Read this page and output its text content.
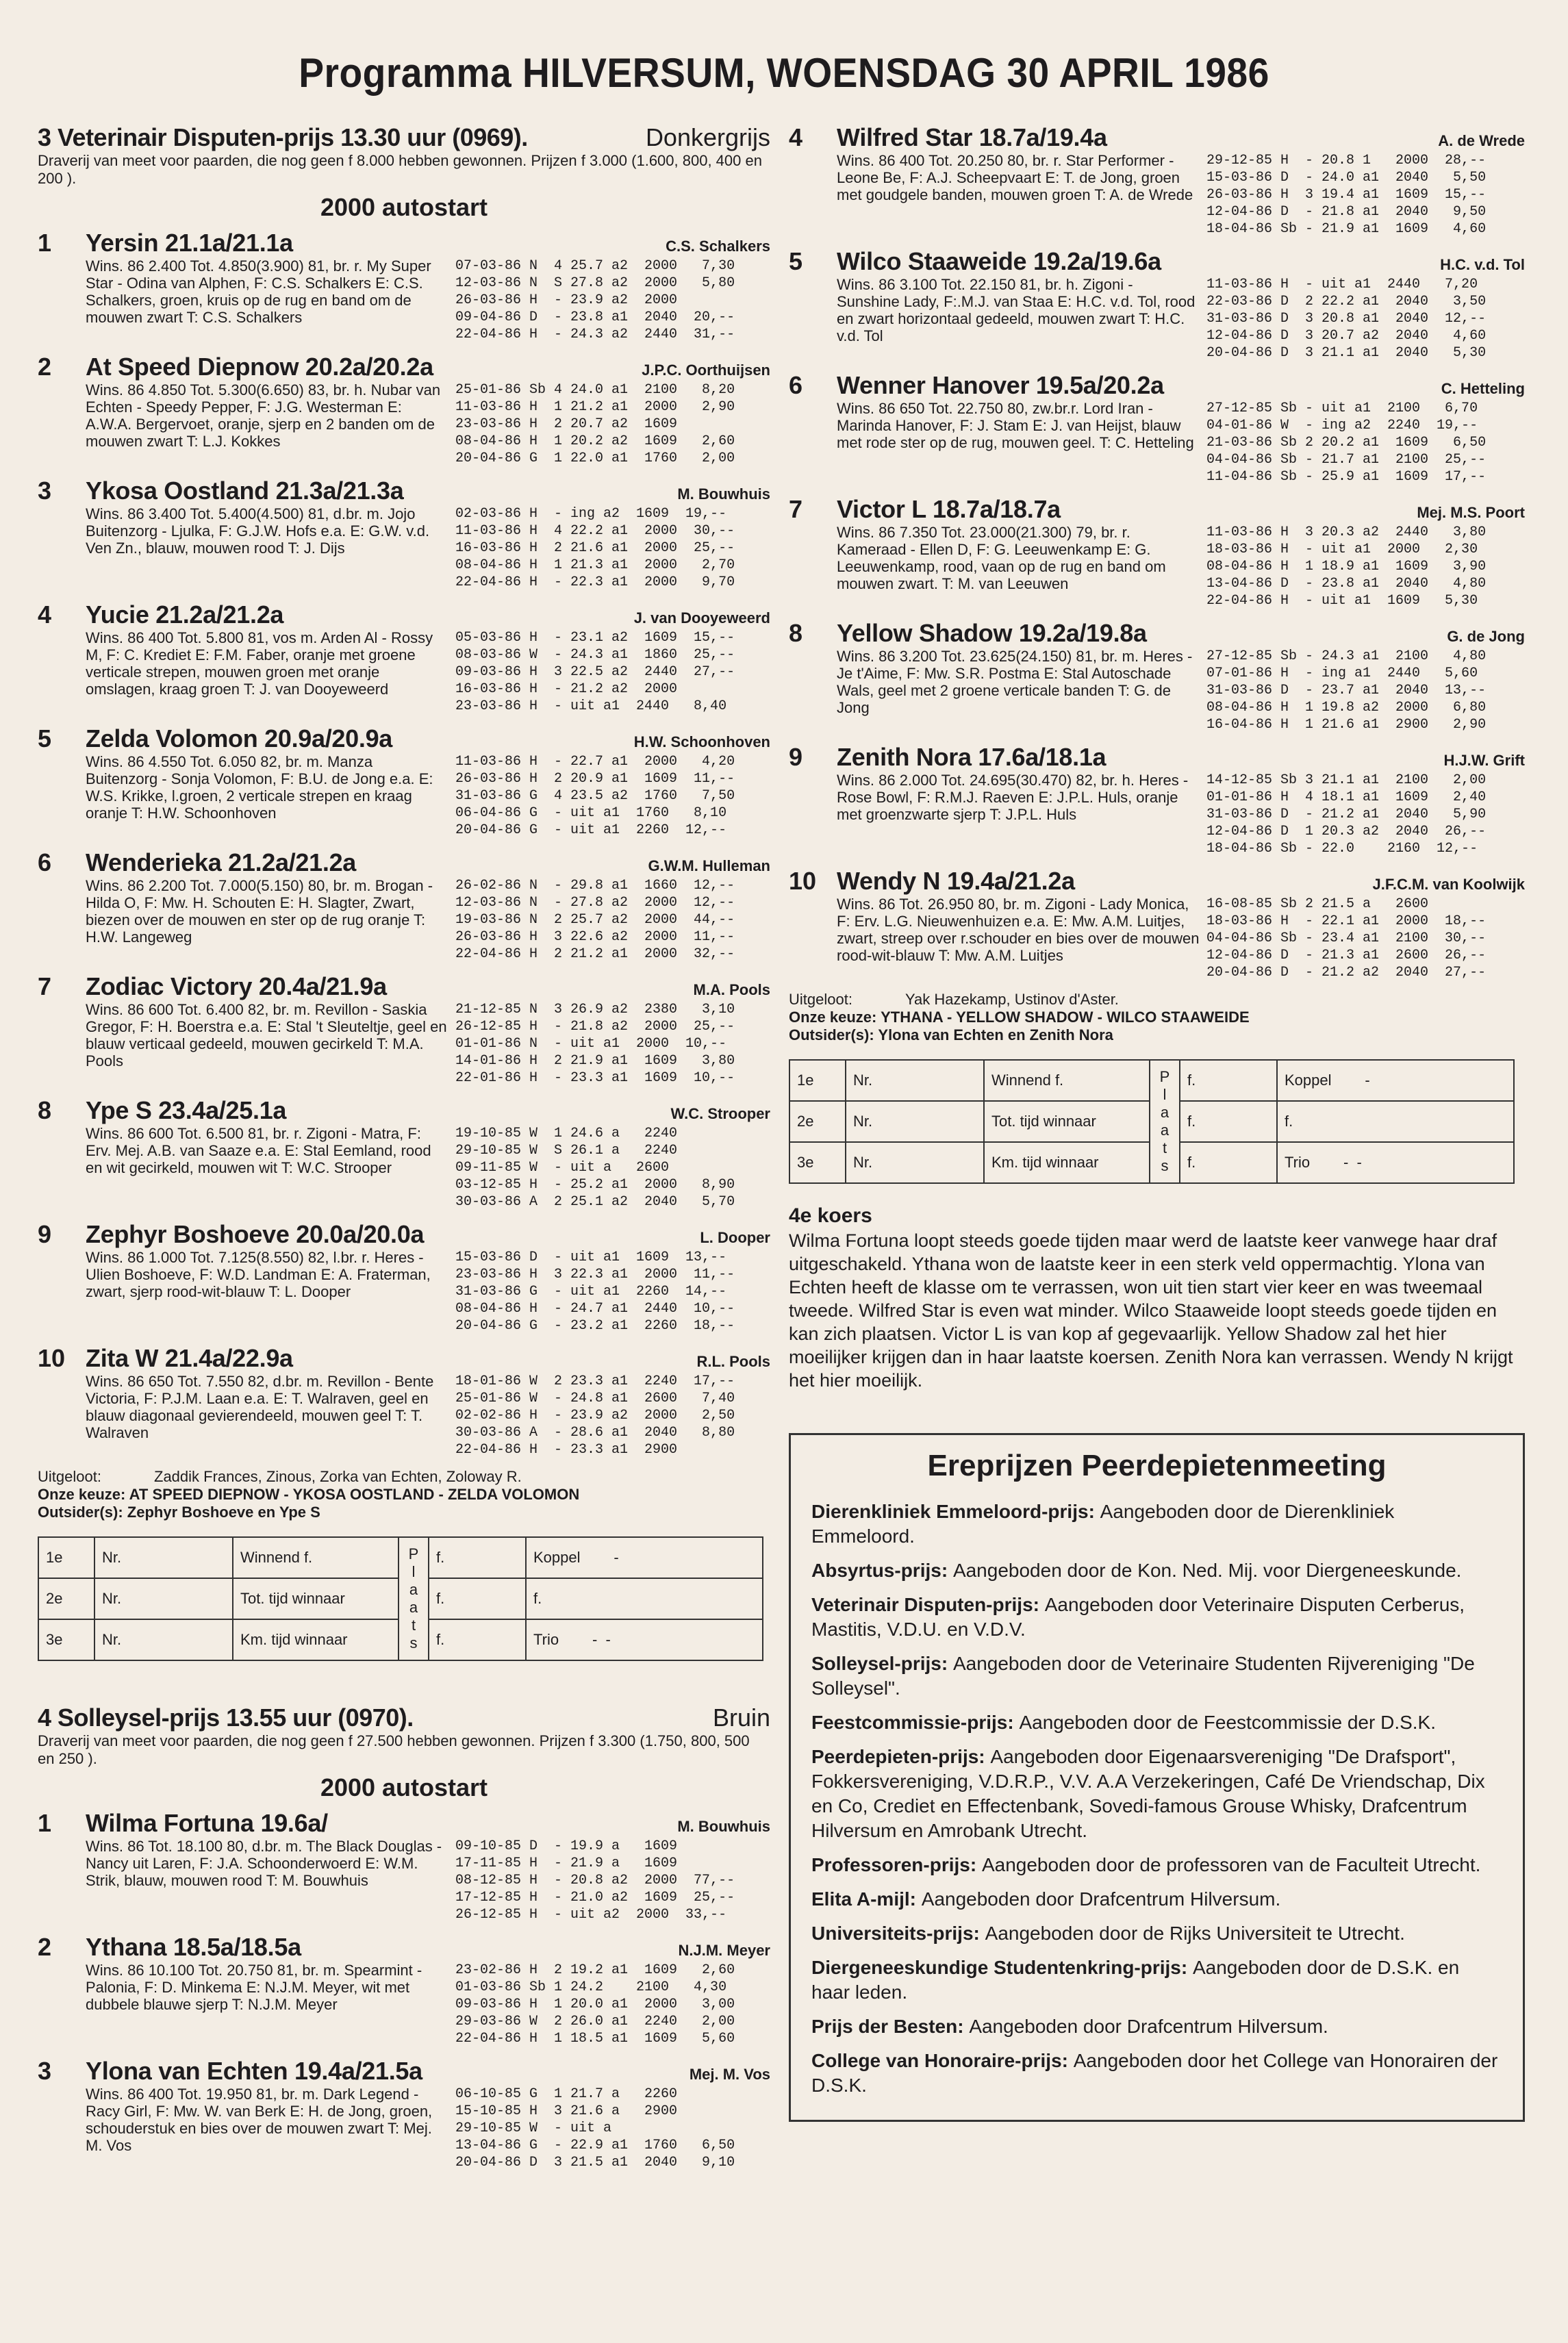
Programma HILVERSUM, WOENSDAG 30 APRIL 1986
3 Veterinair Disputen-prijs 13.30 uur (0969).	Donkergrijs
Draverij van meet voor paarden, die nog geen f 8.000 hebben gewonnen. Prijzen f 3.000 (1.600, 800, 400 en 200 ).
2000 autostart
1	Yersin 21.1a/21.1a	C.S. Schalkers
Wins. 86 2.400 Tot. 4.850(3.900) 81, br. r. My Super Star - Odina van Alphen, F: C.S. Schalkers E: C.S. Schalkers, groen, kruis op de rug en band om de mouwen zwart T: C.S. Schalkers
07-03-86 N  4 25.7 a2  2000   7,30
12-03-86 N  S 27.8 a2  2000   5,80
26-03-86 H  - 23.9 a2  2000
09-04-86 D  - 23.8 a1  2040  20,--
22-04-86 H  - 24.3 a2  2440  31,--
2	At Speed Diepnow 20.2a/20.2a	J.P.C. Oorthuijsen
Wins. 86 4.850 Tot. 5.300(6.650) 83, br. h. Nubar van Echten - Speedy Pepper, F: J.G. Westerman E: A.W.A. Bergervoet, oranje, sjerp en 2 banden om de mouwen zwart T: L.J. Kokkes
25-01-86 Sb 4 24.0 a1  2100   8,20
11-03-86 H  1 21.2 a1  2000   2,90
23-03-86 H  2 20.7 a2  1609
08-04-86 H  1 20.2 a2  1609   2,60
20-04-86 G  1 22.0 a1  1760   2,00
3	Ykosa Oostland 21.3a/21.3a	M. Bouwhuis
Wins. 86 3.400 Tot. 5.400(4.500) 81, d.br. m. Jojo Buitenzorg - Ljulka, F: G.J.W. Hofs e.a. E: G.W. v.d. Ven Zn., blauw, mouwen rood T: J. Dijs
02-03-86 H  - ing a2  1609  19,--
11-03-86 H  4 22.2 a1  2000  30,--
16-03-86 H  2 21.6 a1  2000  25,--
08-04-86 H  1 21.3 a1  2000   2,70
22-04-86 H  - 22.3 a1  2000   9,70
4	Yucie 21.2a/21.2a	J. van Dooyeweerd
Wins. 86 400 Tot. 5.800 81, vos m. Arden Al - Rossy M, F: C. Krediet E: F.M. Faber, oranje met groene verticale strepen, mouwen groen met oranje omslagen, kraag groen T: J. van Dooyeweerd
05-03-86 H  - 23.1 a2  1609  15,--
08-03-86 W  - 24.3 a1  1860  25,--
09-03-86 H  3 22.5 a2  2440  27,--
16-03-86 H  - 21.2 a2  2000
23-03-86 H  - uit a1  2440   8,40
5	Zelda Volomon 20.9a/20.9a	H.W. Schoonhoven
Wins. 86 4.550 Tot. 6.050 82, br. m. Manza Buitenzorg - Sonja Volomon, F: B.U. de Jong e.a. E: W.S. Krikke, l.groen, 2 verticale strepen en kraag oranje T: H.W. Schoonhoven
11-03-86 H  - 22.7 a1  2000   4,20
26-03-86 H  2 20.9 a1  1609  11,--
31-03-86 G  4 23.5 a2  1760   7,50
06-04-86 G  - uit a1  1760   8,10
20-04-86 G  - uit a1  2260  12,--
6	Wenderieka 21.2a/21.2a	G.W.M. Hulleman
Wins. 86 2.200 Tot. 7.000(5.150) 80, br. m. Brogan - Hilda O, F: Mw. H. Schouten E: H. Slagter, Zwart, biezen over de mouwen en ster op de rug oranje T: H.W. Langeweg
26-02-86 N  - 29.8 a1  1660  12,--
12-03-86 N  - 27.8 a2  2000  12,--
19-03-86 N  2 25.7 a2  2000  44,--
26-03-86 H  3 22.6 a2  2000  11,--
22-04-86 H  2 21.2 a1  2000  32,--
7	Zodiac Victory 20.4a/21.9a	M.A. Pools
Wins. 86 600 Tot. 6.400 82, br. m. Revillon - Saskia Gregor, F: H. Boerstra e.a. E: Stal 't Sleuteltje, geel en blauw verticaal gedeeld, mouwen gecirkeld T: M.A. Pools
21-12-85 N  3 26.9 a2  2380   3,10
26-12-85 H  - 21.8 a2  2000  25,--
01-01-86 N  - uit a1  2000  10,--
14-01-86 H  2 21.9 a1  1609   3,80
22-01-86 H  - 23.3 a1  1609  10,--
8	Ype S 23.4a/25.1a	W.C. Strooper
Wins. 86 600 Tot. 6.500 81, br. r. Zigoni - Matra, F: Erv. Mej. A.B. van Saaze e.a. E: Stal Eemland, rood en wit gecirkeld, mouwen wit T: W.C. Strooper
19-10-85 W  1 24.6 a   2240
29-10-85 W  S 26.1 a   2240
09-11-85 W  - uit a   2600
03-12-85 H  - 25.2 a1  2000   8,90
30-03-86 A  2 25.1 a2  2040   5,70
9	Zephyr Boshoeve 20.0a/20.0a	L. Dooper
Wins. 86 1.000 Tot. 7.125(8.550) 82, l.br. r. Heres - Ulien Boshoeve, F: W.D. Landman E: A. Fraterman, zwart, sjerp rood-wit-blauw T: L. Dooper
15-03-86 D  - uit a1  1609  13,--
23-03-86 H  3 22.3 a1  2000  11,--
31-03-86 G  - uit a1  2260  14,--
08-04-86 H  - 24.7 a1  2440  10,--
20-04-86 G  - 23.2 a1  2260  18,--
10 Zita W 21.4a/22.9a	R.L. Pools
Wins. 86 650 Tot. 7.550 82, d.br. m. Revillon - Bente Victoria, F: P.J.M. Laan e.a. E: T. Walraven, geel en blauw diagonaal gevierendeeld, mouwen geel T: T. Walraven
18-01-86 W  2 23.3 a1  2240  17,--
25-01-86 W  - 24.8 a1  2600   7,40
02-02-86 H  - 23.9 a2  2000   2,50
30-03-86 A  - 28.6 a1  2040   8,80
22-04-86 H  - 23.3 a1  2900
Uitgeloot:	Zaddik Frances, Zinous, Zorka van Echten, Zoloway R.
Onze keuze: AT SPEED DIEPNOW - YKOSA OOSTLAND - ZELDA VOLOMON
Outsider(s): Zephyr Boshoeve en Ype S
1e	Nr.	Winnend f.	P l a a t s	f.	Koppel        -
2e	Nr.	Tot. tijd winnaar		f.	f.
3e	Nr.	Km. tijd winnaar		f.	Trio        -  -
4 Solleysel-prijs 13.55 uur (0970).	Bruin
Draverij van meet voor paarden, die nog geen f 27.500 hebben gewonnen. Prijzen f 3.300 (1.750, 800, 500 en 250 ).
2000 autostart
1	Wilma Fortuna 19.6a/	M. Bouwhuis
Wins. 86 Tot. 18.100 80, d.br. m. The Black Douglas - Nancy uit Laren, F: J.A. Schoonderwoerd E: W.M. Strik, blauw, mouwen rood T: M. Bouwhuis
09-10-85 D  - 19.9 a   1609
17-11-85 H  - 21.9 a   1609
08-12-85 H  - 20.8 a2  2000  77,--
17-12-85 H  - 21.0 a2  1609  25,--
26-12-85 H  - uit a2  2000  33,--
2	Ythana 18.5a/18.5a	N.J.M. Meyer
Wins. 86 10.100 Tot. 20.750 81, br. m. Spearmint - Palonia, F: D. Minkema E: N.J.M. Meyer, wit met dubbele blauwe sjerp T: N.J.M. Meyer
23-02-86 H  2 19.2 a1  1609   2,60
01-03-86 Sb 1 24.2    2100   4,30
09-03-86 H  1 20.0 a1  2000   3,00
29-03-86 W  2 26.0 a1  2240   2,00
22-04-86 H  1 18.5 a1  1609   5,60
3	Ylona van Echten 19.4a/21.5a	Mej. M. Vos
Wins. 86 400 Tot. 19.950 81, br. m. Dark Legend - Racy Girl, F: Mw. W. van Berk E: H. de Jong, groen, schouderstuk en bies over de mouwen zwart T: Mej. M. Vos
06-10-85 G  1 21.7 a   2260
15-10-85 H  3 21.6 a   2900
29-10-85 W  - uit a
13-04-86 G  - 22.9 a1  1760   6,50
20-04-86 D  3 21.5 a1  2040   9,10
4	Wilfred Star 18.7a/19.4a	A. de Wrede
Wins. 86 400 Tot. 20.250 80, br. r. Star Performer - Leone Be, F: A.J. Scheepvaart E: T. de Jong, groen met goudgele banden, mouwen groen T: A. de Wrede
29-12-85 H  - 20.8 1   2000  28,--
15-03-86 D  - 24.0 a1  2040   5,50
26-03-86 H  3 19.4 a1  1609  15,--
12-04-86 D  - 21.8 a1  2040   9,50
18-04-86 Sb - 21.9 a1  1609   4,60
5	Wilco Staaweide 19.2a/19.6a	H.C. v.d. Tol
Wins. 86 3.100 Tot. 22.150 81, br. h. Zigoni - Sunshine Lady, F:.M.J. van Staa E: H.C. v.d. Tol, rood en zwart horizontaal gedeeld, mouwen zwart T: H.C. v.d. Tol
11-03-86 H  - uit a1  2440   7,20
22-03-86 D  2 22.2 a1  2040   3,50
31-03-86 D  3 20.8 a1  2040  12,--
12-04-86 D  3 20.7 a2  2040   4,60
20-04-86 D  3 21.1 a1  2040   5,30
6	Wenner Hanover 19.5a/20.2a	C. Hetteling
Wins. 86 650 Tot. 22.750 80, zw.br.r. Lord Iran - Marinda Hanover, F: J. Stam E: J. van Heijst, blauw met rode ster op de rug, mouwen geel. T: C. Hetteling
27-12-85 Sb - uit a1  2100   6,70
04-01-86 W  - ing a2  2240  19,--
21-03-86 Sb 2 20.2 a1  1609   6,50
04-04-86 Sb - 21.7 a1  2100  25,--
11-04-86 Sb - 25.9 a1  1609  17,--
7	Victor L 18.7a/18.7a	Mej. M.S. Poort
Wins. 86 7.350 Tot. 23.000(21.300) 79, br. r. Kameraad - Ellen D, F: G. Leeuwenkamp E: G. Leeuwenkamp, rood, vaan op de rug en band om mouwen zwart. T: M. van Leeuwen
11-03-86 H  3 20.3 a2  2440   3,80
18-03-86 H  - uit a1  2000   2,30
08-04-86 H  1 18.9 a1  1609   3,90
13-04-86 D  - 23.8 a1  2040   4,80
22-04-86 H  - uit a1  1609   5,30
8	Yellow Shadow 19.2a/19.8a	G. de Jong
Wins. 86 3.200 Tot. 23.625(24.150) 81, br. m. Heres - Je t'Aime, F: Mw. S.R. Postma E: Stal Autoschade Wals, geel met 2 groene verticale banden T: G. de Jong
27-12-85 Sb - 24.3 a1  2100   4,80
07-01-86 H  - ing a1  2440   5,60
31-03-86 D  - 23.7 a1  2040  13,--
08-04-86 H  1 19.8 a2  2000   6,80
16-04-86 H  1 21.6 a1  2900   2,90
9	Zenith Nora 17.6a/18.1a	H.J.W. Grift
Wins. 86 2.000 Tot. 24.695(30.470) 82, br. h. Heres - Rose Bowl, F: R.M.J. Raeven E: J.P.L. Huls, oranje met groenzwarte sjerp T: J.P.L. Huls
14-12-85 Sb 3 21.1 a1  2100   2,00
01-01-86 H  4 18.1 a1  1609   2,40
31-03-86 D  - 21.2 a1  2040   5,90
12-04-86 D  1 20.3 a2  2040  26,--
18-04-86 Sb - 22.0    2160  12,--
10 Wendy N 19.4a/21.2a	J.F.C.M. van Koolwijk
Wins. 86 Tot. 26.950 80, br. m. Zigoni - Lady Monica, F: Erv. L.G. Nieuwenhuizen e.a. E: Mw. A.M. Luitjes, zwart, streep over r.schouder en bies over de mouwen rood-wit-blauw T: Mw. A.M. Luitjes
16-08-85 Sb 2 21.5 a   2600
18-03-86 H  - 22.1 a1  2000  18,--
04-04-86 Sb - 23.4 a1  2100  30,--
12-04-86 D  - 21.3 a1  2600  26,--
20-04-86 D  - 21.2 a2  2040  27,--
Uitgeloot:	Yak Hazekamp, Ustinov d'Aster.
Onze keuze: YTHANA - YELLOW SHADOW - WILCO STAAWEIDE
Outsider(s): Ylona van Echten en Zenith Nora
1e	Nr.	Winnend f.	P l a a t s	f.	Koppel        -
2e	Nr.	Tot. tijd winnaar		f.	f.
3e	Nr.	Km. tijd winnaar		f.	Trio        -  -
4e koers
Wilma Fortuna loopt steeds goede tijden maar werd de laatste keer vanwege haar draf uitgeschakeld. Ythana won de laatste keer in een sterk veld oppermachtig. Ylona van Echten heeft de klasse om te verrassen, won uit tien start vier keer en was tweemaal tweede. Wilfred Star is even wat minder. Wilco Staaweide loopt steeds goede tijden en kan zich plaatsen. Victor L is van kop af gegevaarlijk. Yellow Shadow zal het hier moeilijker krijgen dan in haar laatste koersen. Zenith Nora kan verrassen. Wendy N krijgt het hier moeilijk.
Ereprijzen Peerdepietenmeeting
Dierenkliniek Emmeloord-prijs: Aangeboden door de Dierenkliniek Emmeloord.
Absyrtus-prijs: Aangeboden door de Kon. Ned. Mij. voor Diergeneeskunde.
Veterinair Disputen-prijs: Aangeboden door Veterinaire Disputen Cerberus, Mastitis, V.D.U. en V.D.V.
Solleysel-prijs: Aangeboden door de Veterinaire Studenten Rijvereniging "De Solleysel".
Feestcommissie-prijs: Aangeboden door de Feestcommissie der D.S.K.
Peerdepieten-prijs: Aangeboden door Eigenaarsvereniging "De Drafsport", Fokkersvereniging, V.D.R.P., V.V. A.A Verzekeringen, Café De Vriendschap, Dix en Co, Crediet en Effectenbank, Sovedi-famous Grouse Whisky, Drafcentrum Hilversum en Amrobank Utrecht.
Professoren-prijs: Aangeboden door de professoren van de Faculteit Utrecht.
Elita A-mijl: Aangeboden door Drafcentrum Hilversum.
Universiteits-prijs: Aangeboden door de Rijks Universiteit te Utrecht.
Diergeneeskundige Studentenkring-prijs: Aangeboden door de D.S.K. en haar leden.
Prijs der Besten: Aangeboden door Drafcentrum Hilversum.
College van Honoraire-prijs: Aangeboden door het College van Honorairen der D.S.K.
